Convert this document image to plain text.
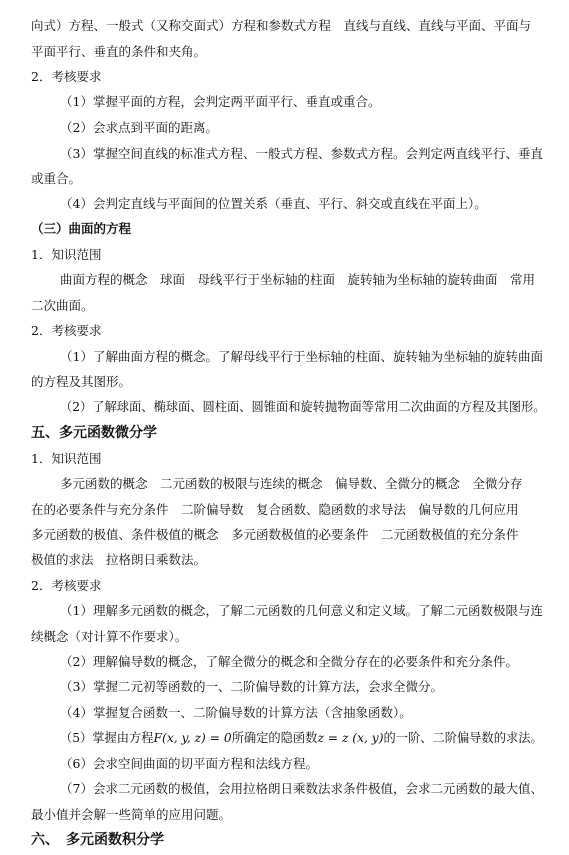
向式）方程、一般式（又称交面式）方程和参数式方程　直线与直线、直线与平面、平面与
平面平行、垂直的条件和夹角。
2．考核要求
（1）掌握平面的方程，会判定两平面平行、垂直或重合。
（2）会求点到平面的距离。
（3）掌握空间直线的标准式方程、一般式方程、参数式方程。会判定两直线平行、垂直
或重合。
（4）会判定直线与平面间的位置关系（垂直、平行、斜交或直线在平面上）。
（三）曲面的方程
1．知识范围
曲面方程的概念　球面　母线平行于坐标轴的柱面　旋转轴为坐标轴的旋转曲面　常用
二次曲面。
2．考核要求
（1）了解曲面方程的概念。了解母线平行于坐标轴的柱面、旋转轴为坐标轴的旋转曲面
的方程及其图形。
（2）了解球面、椭球面、圆柱面、圆锥面和旋转抛物面等常用二次曲面的方程及其图形。
五、多元函数微分学
1．知识范围
多元函数的概念　二元函数的极限与连续的概念　偏导数、全微分的概念　全微分存
在的必要条件与充分条件　二阶偏导数　复合函数、隐函数的求导法　偏导数的几何应用
多元函数的极值、条件极值的概念　多元函数极值的必要条件　二元函数极值的充分条件
极值的求法　拉格朗日乘数法。
2．考核要求
（1）理解多元函数的概念，了解二元函数的几何意义和定义域。了解二元函数极限与连
续概念（对计算不作要求）。
（2）理解偏导数的概念，了解全微分的概念和全微分存在的必要条件和充分条件。
（3）掌握二元初等函数的一、二阶偏导数的计算方法，会求全微分。
（4）掌握复合函数一、二阶偏导数的计算方法（含抽象函数）。
（5）掌握由方程F(x, y, z) = 0所确定的隐函数z = z (x, y)的一阶、二阶偏导数的求法。
（6）会求空间曲面的切平面方程和法线方程。
（7）会求二元函数的极值，会用拉格朗日乘数法求条件极值，会求二元函数的最大值、
最小值并会解一些简单的应用问题。
六、　多元函数积分学
